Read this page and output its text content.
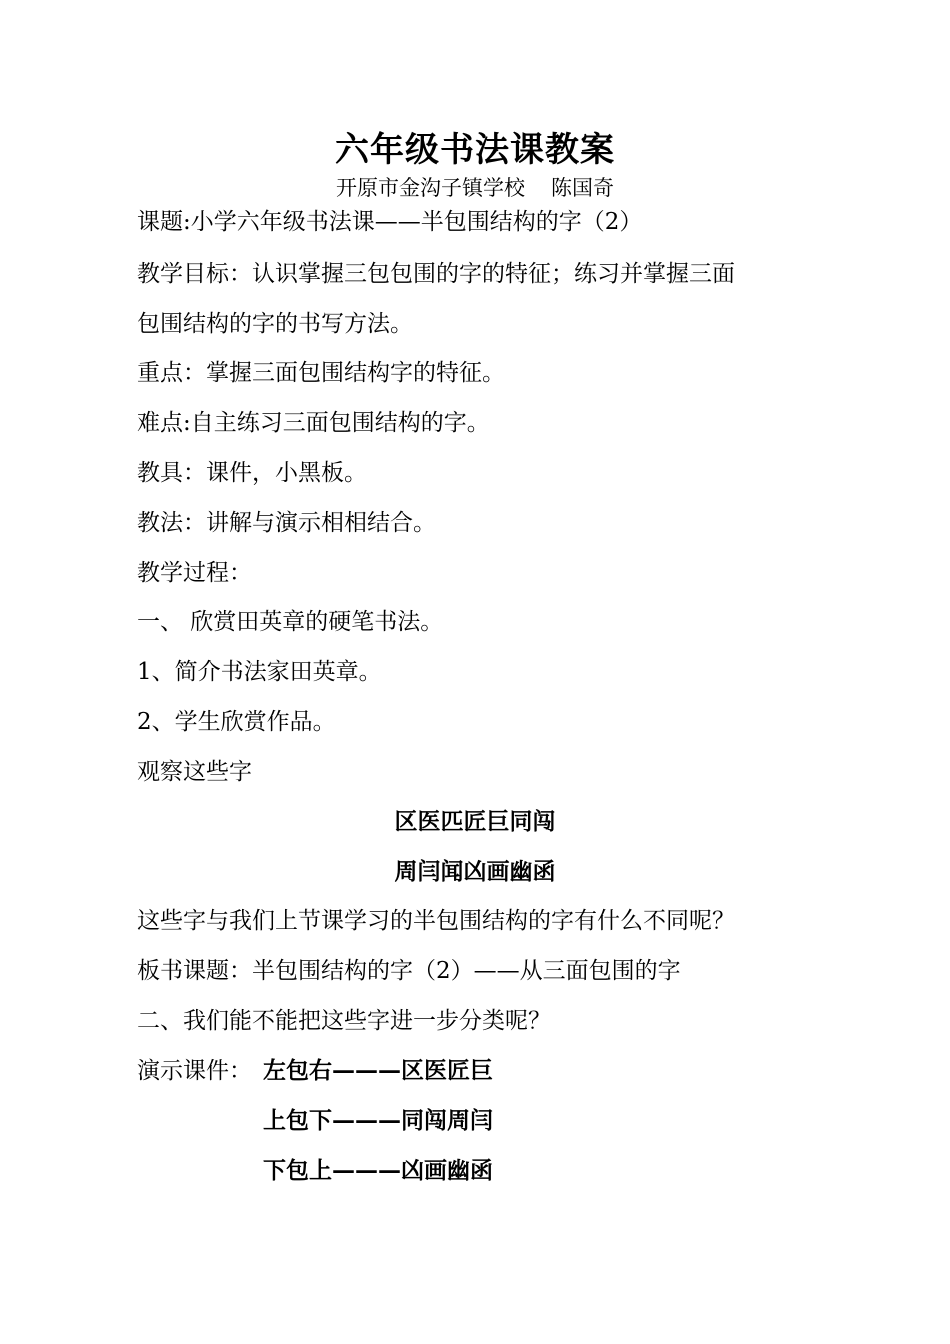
六年级书法课教案
开原市金沟子镇学校 陈国奇
课题:小学六年级书法课——半包围结构的字（2）
教学目标：认识掌握三包包围的字的特征；练习并掌握三面
包围结构的字的书写方法。
重点：掌握三面包围结构字的特征。
难点:自主练习三面包围结构的字。
教具：课件，小黑板。
教法：讲解与演示相相结合。
教学过程：
一、 欣赏田英章的硬笔书法。
1、简介书法家田英章。
2、学生欣赏作品。
观察这些字
区医匹匠巨同闯
周闫闻凶画幽函
这些字与我们上节课学习的半包围结构的字有什么不同呢？
板书课题：半包围结构的字（2）——从三面包围的字
二、我们能不能把这些字进一步分类呢？
演示课件： 左包右———区医匠巨
上包下———同闯周闫
下包上———凶画幽函
